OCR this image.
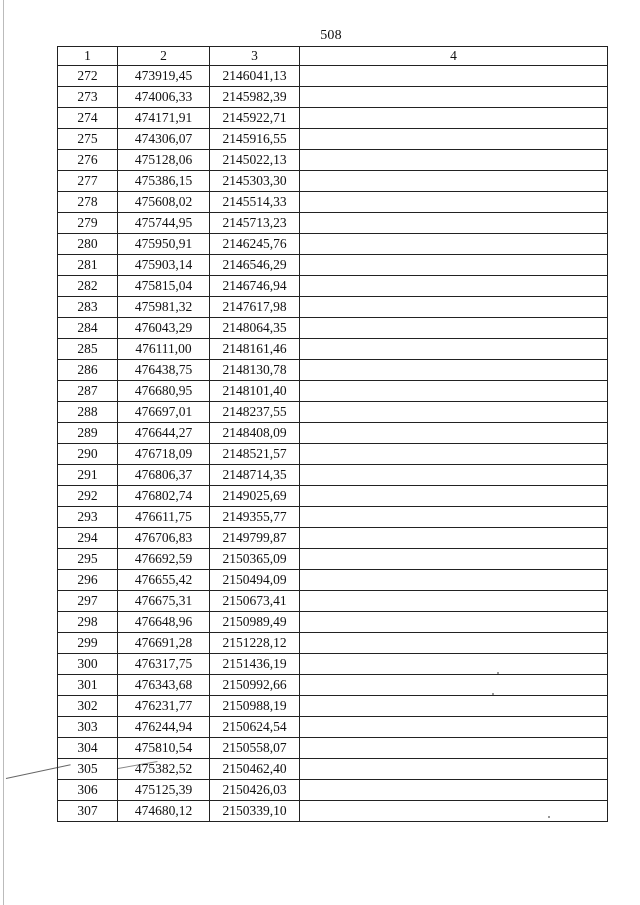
508
1	2	3	4
272	473919,45	2146041,13	
273	474006,33	2145982,39	
274	474171,91	2145922,71	
275	474306,07	2145916,55	
276	475128,06	2145022,13	
277	475386,15	2145303,30	
278	475608,02	2145514,33	
279	475744,95	2145713,23	
280	475950,91	2146245,76	
281	475903,14	2146546,29	
282	475815,04	2146746,94	
283	475981,32	2147617,98	
284	476043,29	2148064,35	
285	476111,00	2148161,46	
286	476438,75	2148130,78	
287	476680,95	2148101,40	
288	476697,01	2148237,55	
289	476644,27	2148408,09	
290	476718,09	2148521,57	
291	476806,37	2148714,35	
292	476802,74	2149025,69	
293	476611,75	2149355,77	
294	476706,83	2149799,87	
295	476692,59	2150365,09	
296	476655,42	2150494,09	
297	476675,31	2150673,41	
298	476648,96	2150989,49	
299	476691,28	2151228,12	
300	476317,75	2151436,19	
301	476343,68	2150992,66	
302	476231,77	2150988,19	
303	476244,94	2150624,54	
304	475810,54	2150558,07	
305	475382,52	2150462,40	
306	475125,39	2150426,03	
307	474680,12	2150339,10	
